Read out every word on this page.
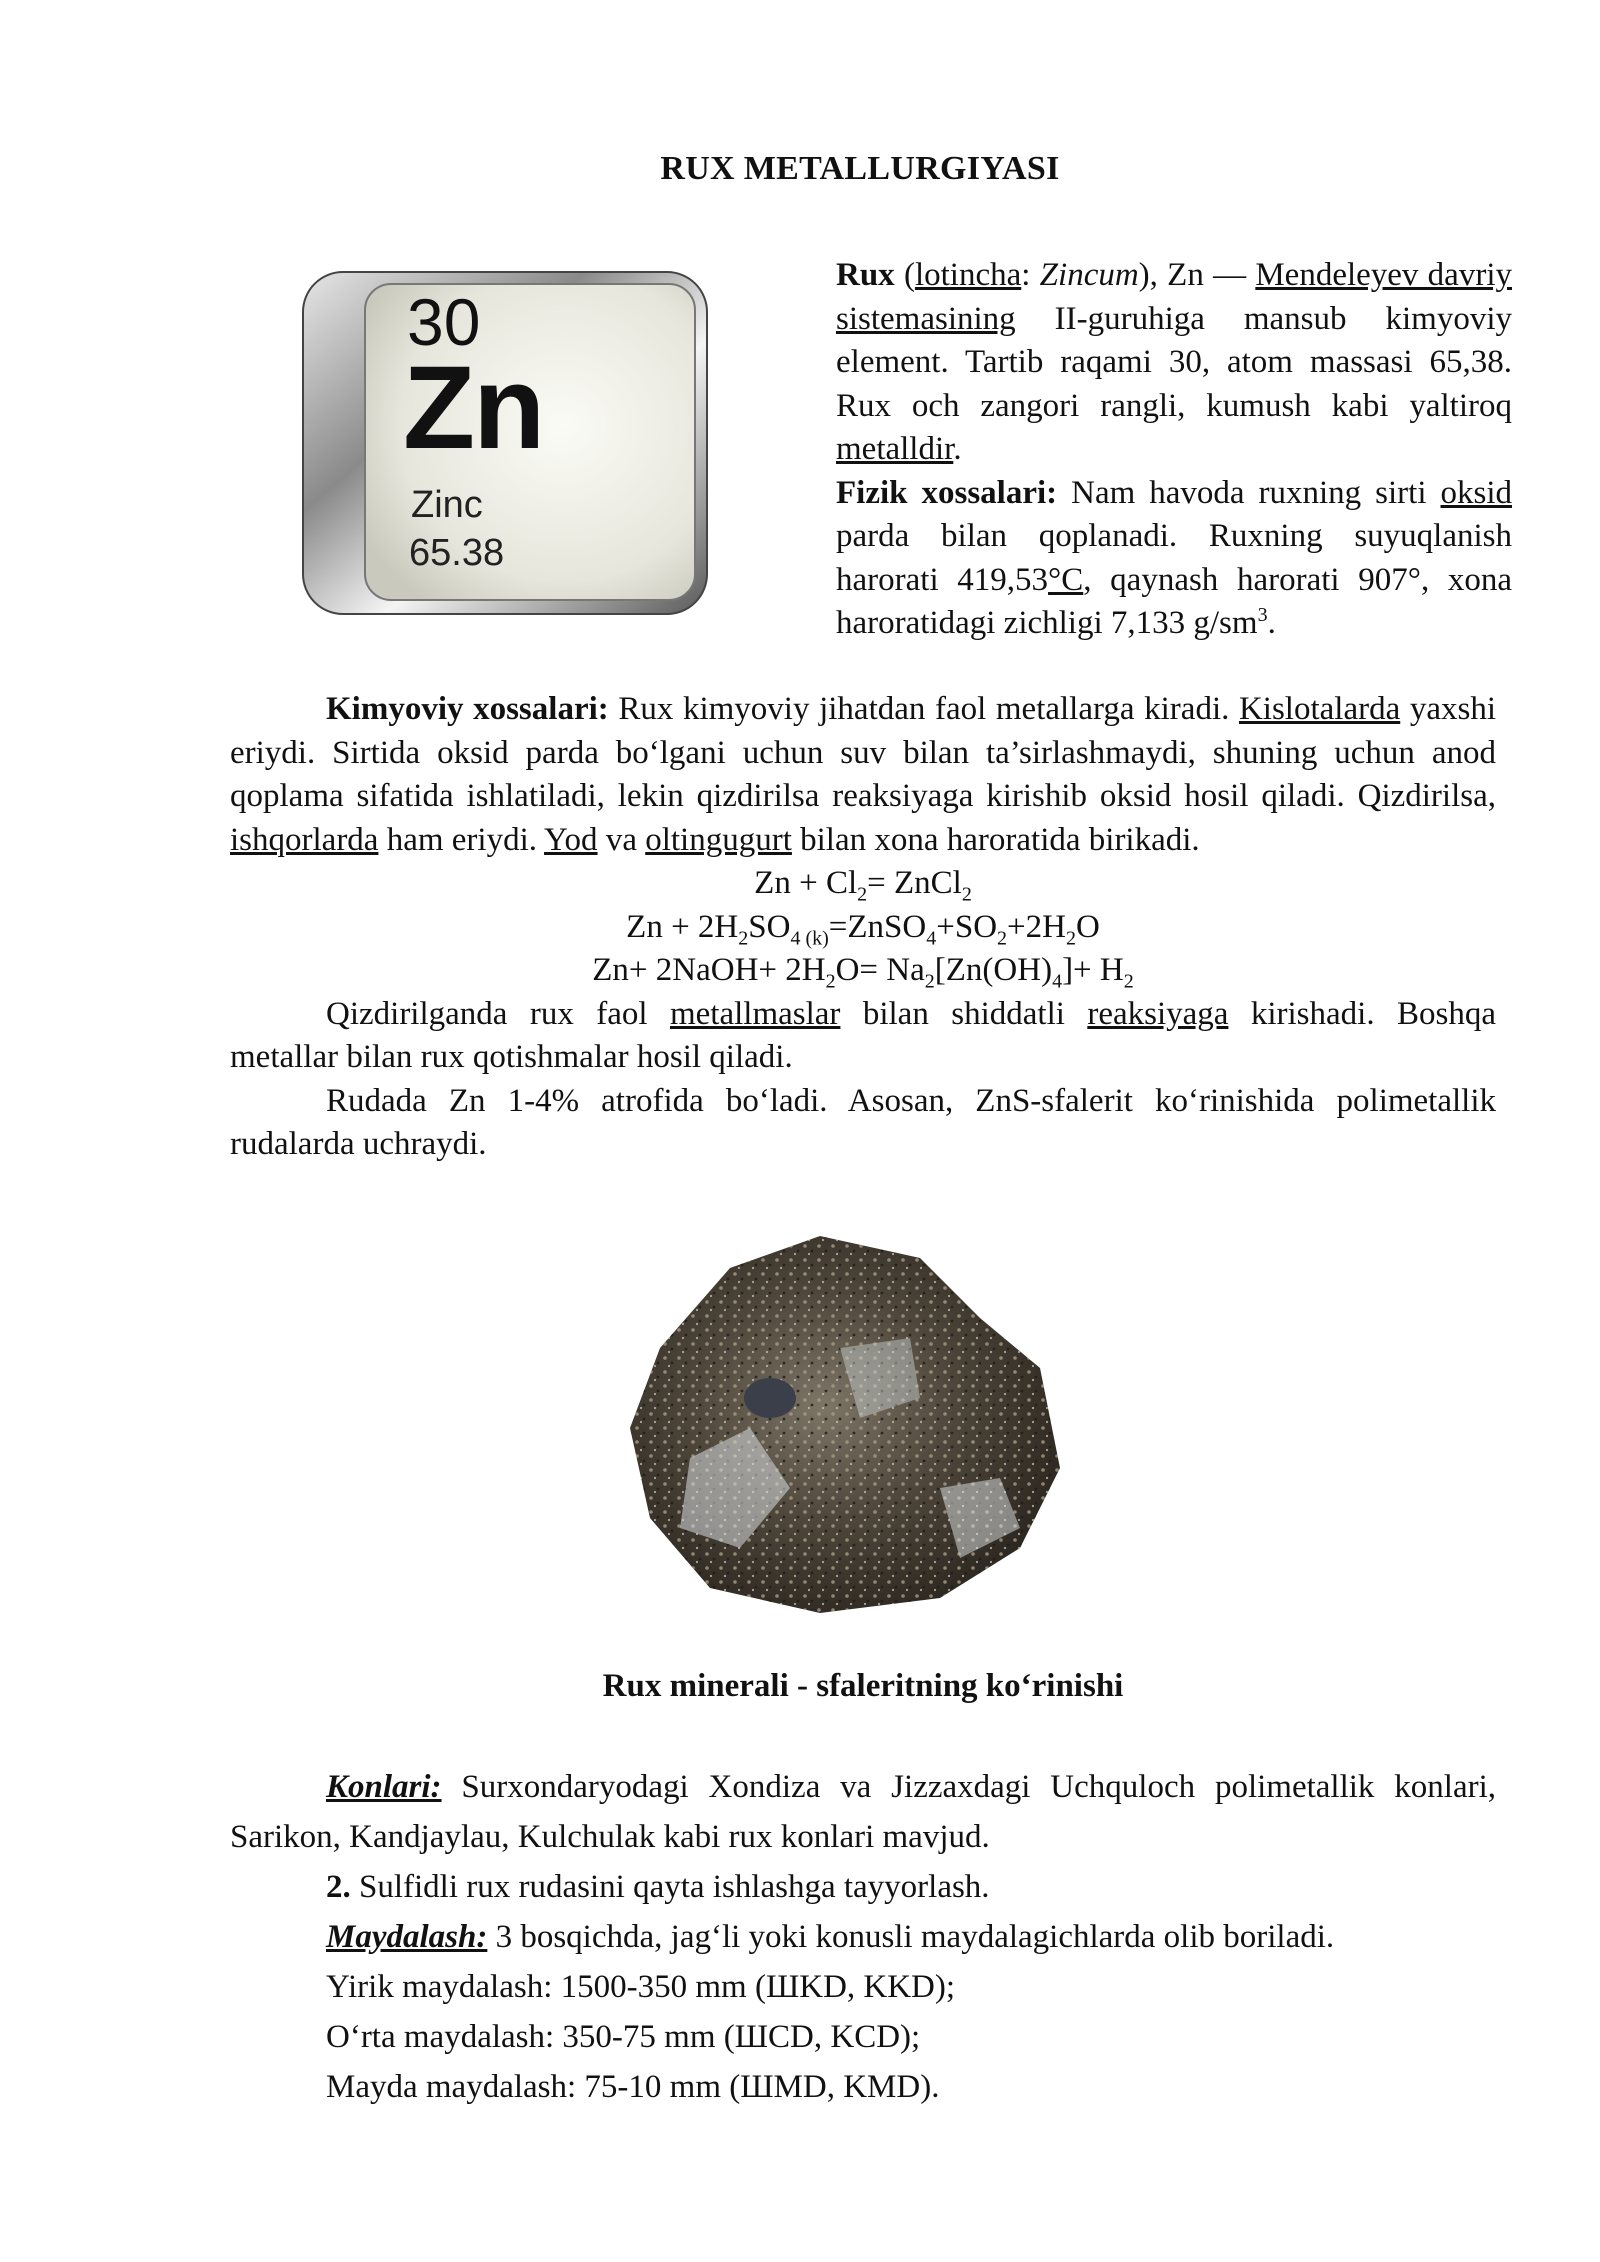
RUX METALLURGIYASI

30
Zn
Zinc
65.38

Rux (lotincha: Zincum), Zn — Mendeleyev davriy sistemasining II-guruhiga mansub kimyoviy element. Tartib raqami 30, atom massasi 65,38. Rux och zangori rangli, kumush kabi yaltiroq metalldir.

Fizik xossalari: Nam havoda ruxning sirti oksid parda bilan qoplanadi. Ruxning suyuqlanish harorati 419,53°C, qaynash harorati 907°, xona haroratidagi zichligi 7,133 $g/sm^3$.

Kimyoviy xossalari: Rux kimyoviy jihatdan faol metallarga kiradi. Kislotalarda yaxshi eriydi. Sirtida oksid parda bo‘lgani uchun suv bilan ta’sirlashmaydi, shuning uchun anod qoplama sifatida ishlatiladi, lekin qizdirilsa reaksiyaga kirishib oksid hosil qiladi. Qizdirilsa, ishqorlarda ham eriydi. Yod va oltingugurt bilan xona haroratida birikadi.

$Zn + Cl_2=$ ZnCl$_2$

$Zn + 2H_2SO_{4 (k)}=ZnSO_4+SO_2+2H_2O$

Zn+ 2NaOH+ $2H_2O= Na_2[Zn(OH)_4]+ H_2$

Qizdirilganda rux faol metallmaslar bilan shiddatli reaksiyaga kirishadi. Boshqa metallar bilan rux qotishmalar hosil qiladi.

Rudada Zn 1-4% atrofida bo‘ladi. Asosan, ZnS-sfalerit ko‘rinishida polimetallik rudalarda uchraydi.

Rux minerali - sfaleritning ko‘rinishi

Konlari: Surxondaryodagi Xondiza va Jizzaxdagi Uchquloch polimetallik konlari, Sarikon, Kandjaylau, Kulchulak kabi rux konlari mavjud.

2. Sulfidli rux rudasini qayta ishlashga tayyorlash.

Maydalash: 3 bosqichda, jag‘li yoki konusli maydalagichlarda olib boriladi.

Yirik maydalash: 1500-350 mm (ШKD, KKD);

O‘rta maydalash: 350-75 mm (ШCD, KCD);

Mayda maydalash: 75-10 mm (ШMD, KMD).
